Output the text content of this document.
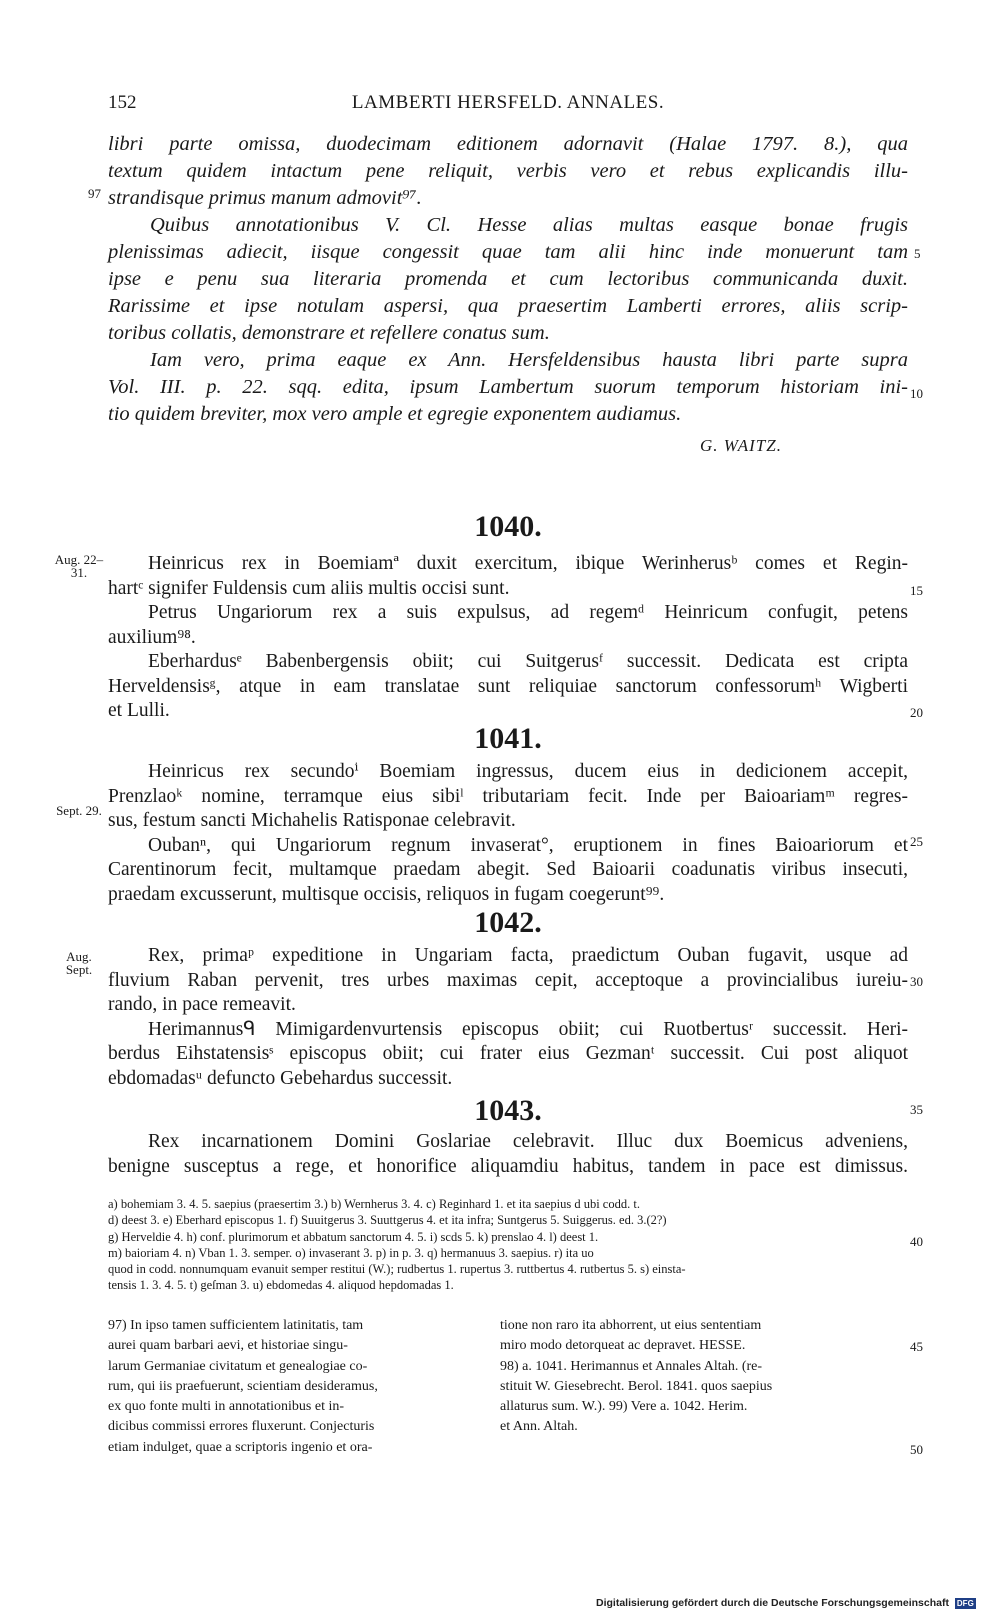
152	LAMBERTI HERSFELD. ANNALES.
libri parte omissa, duodecimam editionem adornavit (Halae 1797. 8.), qua
textum quidem intactum pene reliquit, verbis vero et rebus explicandis illu-
strandisque primus manum admovit⁹⁷.
Quibus annotationibus V. Cl. Hesse alias multas easque bonae frugis
plenissimas adiecit, iisque congessit quae tam alii hinc inde monuerunt tam
ipse e penu sua literaria promenda et cum lectoribus communicanda duxit.
Rarissime et ipse notulam aspersi, qua praesertim Lamberti errores, aliis scrip-
toribus collatis, demonstrare et refellere conatus sum.
Iam vero, prima eaque ex Ann. Hersfeldensibus hausta libri parte supra
Vol. III. p. 22. sqq. edita, ipsum Lambertum suorum temporum historiam ini-
tio quidem breviter, mox vero ample et egregie exponentem audiamus.
G. WAITZ.
1040.
Heinricus rex in Boemiamª duxit exercitum, ibique Werinherusᵇ comes et Regin-
hartᶜ signifer Fuldensis cum aliis multis occisi sunt.
Petrus Ungariorum rex a suis expulsus, ad regemᵈ Heinricum confugit, petens
auxilium⁹⁸.
Eberhardusᵉ Babenbergensis obiit; cui Suitgerusᶠ successit. Dedicata est cripta
Herveldensisᵍ, atque in eam translatae sunt reliquiae sanctorum confessorumʰ Wigberti
et Lulli.
1041.
Heinricus rex secundoⁱ Boemiam ingressus, ducem eius in dedicionem accepit,
Prenzlaoᵏ nomine, terramque eius sibiˡ tributariam fecit. Inde per Baioariamᵐ regres-
sus, festum sancti Michahelis Ratisponae celebravit.
Oubanⁿ, qui Ungariorum regnum invaserat°, eruptionem in fines Baioariorum et
Carentinorum fecit, multamque praedam abegit. Sed Baioarii coadunatis viribus insecuti,
praedam excusserunt, multisque occisis, reliquos in fugam coegerunt⁹⁹.
1042.
Rex, primaᵖ expeditione in Ungariam facta, praedictum Ouban fugavit, usque ad
fluvium Raban pervenit, tres urbes maximas cepit, acceptoque a provincialibus iureiu-
rando, in pace remeavit.
Herimannusᑫ Mimigardenvurtensis episcopus obiit; cui Ruotbertusʳ successit. Heri-
berdus Eihstatensisˢ episcopus obiit; cui frater eius Gezmanᵗ successit. Cui post aliquot
ebdomadasᵘ defuncto Gebehardus successit.
1043.
Rex incarnationem Domini Goslariae celebravit. Illuc dux Boemicus adveniens,
benigne susceptus a rege, et honorifice aliquamdiu habitus, tandem in pace est dimissus.
Aug. 22–31.
Sept. 29.
Aug. Sept.
97
5
10
15
20
25
30
35
40
45
50
a) bohemiam 3. 4. 5. saepius (praesertim 3.) b) Wernherus 3. 4. c) Reginhard 1. et ita saepius d ubi codd. t.
d) deest 3. e) Eberhard episcopus 1. f) Suuitgerus 3. Suuttgerus 4. et ita infra; Suntgerus 5. Suiggerus. ed. 3.(2?)
g) Herveldie 4. h) conf. plurimorum et abbatum sanctorum 4. 5. i) scds 5. k) prenslao 4. l) deest 1.
m) baioriam 4. n) Vban 1. 3. semper. o) invaserant 3. p) in p. 3. q) hermanuus 3. saepius. r) ita uo
quod in codd. nonnumquam evanuit semper restitui (W.); rudbertus 1. rupertus 3. ruttbertus 4. rutbertus 5. s) einsta-
tensis 1. 3. 4. 5. t) geſman 3. u) ebdomedas 4. aliquod hepdomadas 1.
97) In ipso tamen sufficientem latinitatis, tam
aurei quam barbari aevi, et historiae singu-
larum Germaniae civitatum et genealogiae co-
rum, qui iis praefuerunt, scientiam desideramus,
ex quo fonte multi in annotationibus et in-
dicibus commissi errores fluxerunt. Conjecturis
etiam indulget, quae a scriptoris ingenio et ora-
tione non raro ita abhorrent, ut eius sententiam
miro modo detorqueat ac depravet. HESSE.
98) a. 1041. Herimannus et Annales Altah. (re-
stituit W. Giesebrecht. Berol. 1841. quos saepius
allaturus sum. W.). 99) Vere a. 1042. Herim.
et Ann. Altah.
Digitalisierung gefördert durch die Deutsche Forschungsgemeinschaft DFG
